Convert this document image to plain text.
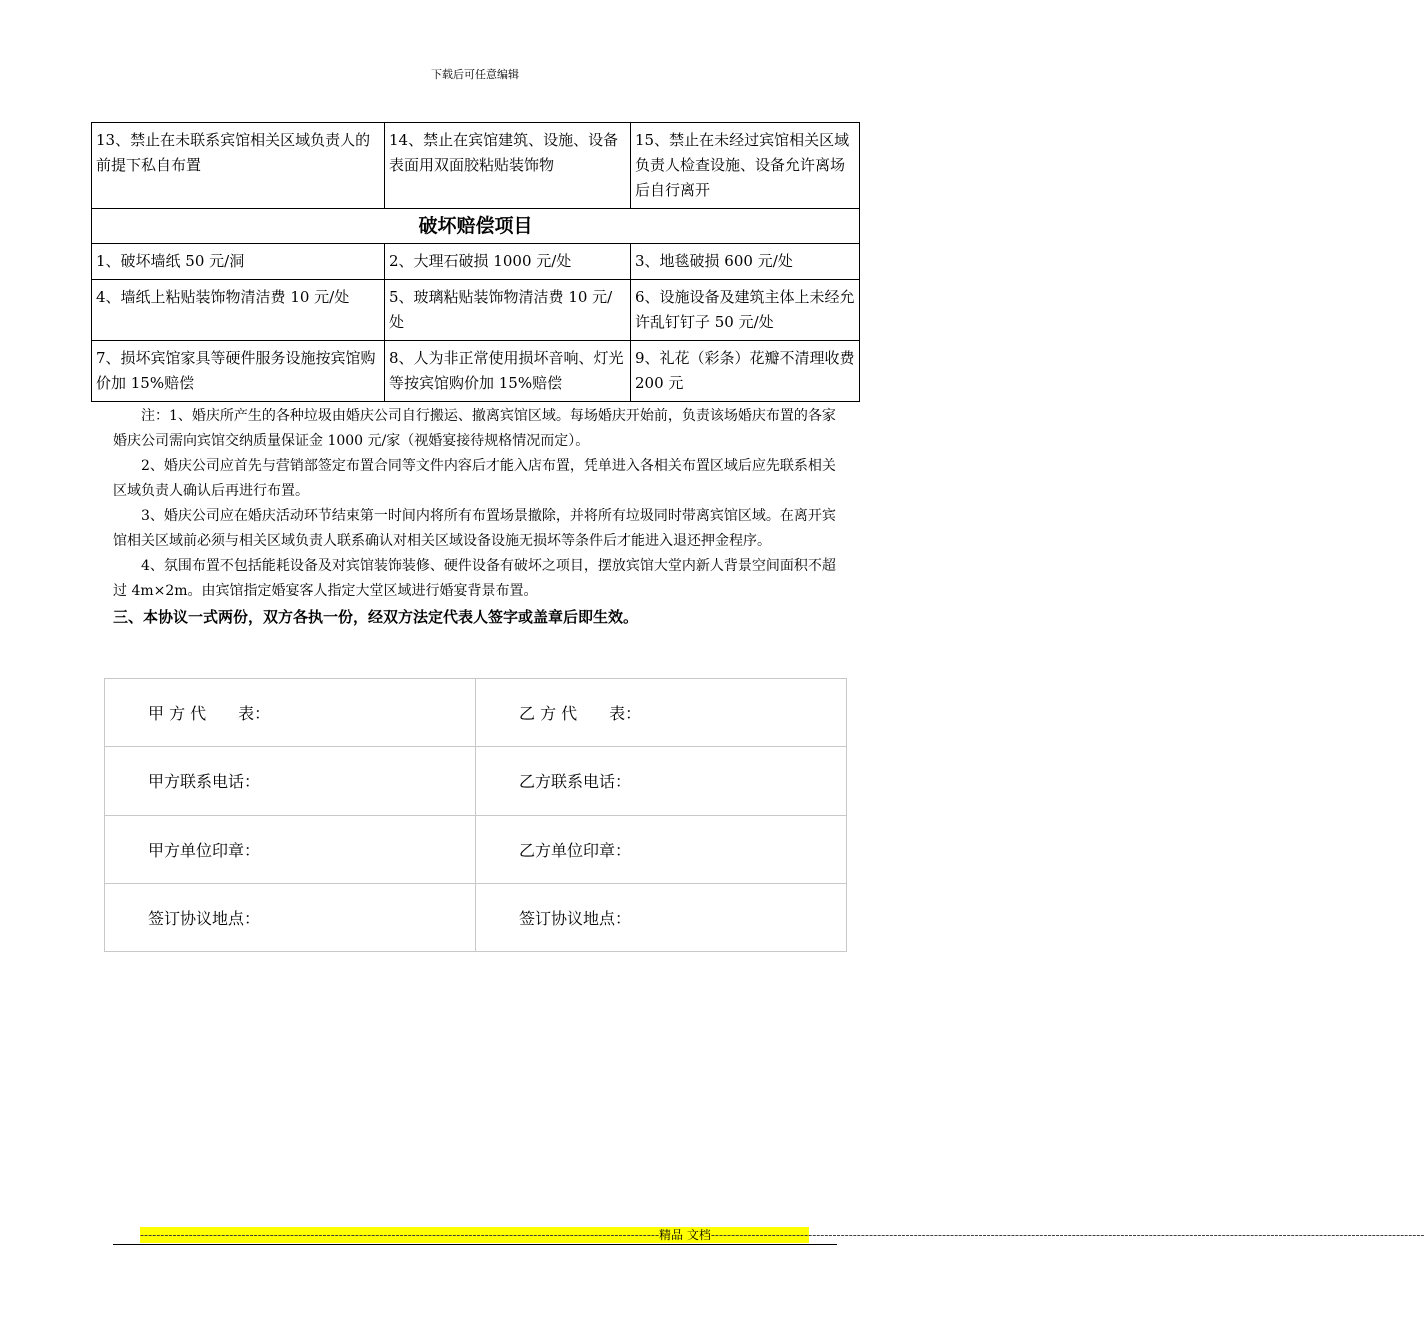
下载后可任意编辑
13、禁止在未联系宾馆相关区域负责人的前提下私自布置	14、禁止在宾馆建筑、设施、设备表面用双面胶粘贴装饰物	15、禁止在未经过宾馆相关区域负责人检查设施、设备允许离场后自行离开
破坏赔偿项目		
1、破坏墙纸 50 元/洞	2、大理石破损 1000 元/处	3、地毯破损 600 元/处
4、墙纸上粘贴装饰物清洁费 10 元/处	5、玻璃粘贴装饰物清洁费 10 元/处	6、设施设备及建筑主体上未经允许乱钉钉子 50 元/处
7、损坏宾馆家具等硬件服务设施按宾馆购价加 15%赔偿	8、人为非正常使用损坏音响、灯光等按宾馆购价加 15%赔偿	9、礼花（彩条）花瓣不清理收费 200 元

注：1、婚庆所产生的各种垃圾由婚庆公司自行搬运、撤离宾馆区域。每场婚庆开始前，负责该场婚庆布置的各家婚庆公司需向宾馆交纳质量保证金 1000 元/家（视婚宴接待规格情况而定）。

2、婚庆公司应首先与营销部签定布置合同等文件内容后才能入店布置，凭单进入各相关布置区域后应先联系相关区域负责人确认后再进行布置。

3、婚庆公司应在婚庆活动环节结束第一时间内将所有布置场景撤除，并将所有垃圾同时带离宾馆区域。在离开宾馆相关区域前必须与相关区域负责人联系确认对相关区域设备设施无损坏等条件后才能进入退还押金程序。

4、氛围布置不包括能耗设备及对宾馆装饰装修、硬件设备有破坏之项目，摆放宾馆大堂内新人背景空间面积不超过 4m×2m。由宾馆指定婚宴客人指定大堂区域进行婚宴背景布置。

三、本协议一式两份，双方各执一份，经双方法定代表人签字或盖章后即生效。

甲 方 代　　表：	乙 方 代　　表：
甲方联系电话：	乙方联系电话：
甲方单位印章：	乙方单位印章：
签订协议地点：	签订协议地点：
-------------------------------------------------------------------------------------------------------------------------------- 精品 文档 --------------------------------------------------------------------------------------------------------------------------------------------------------------------------------
